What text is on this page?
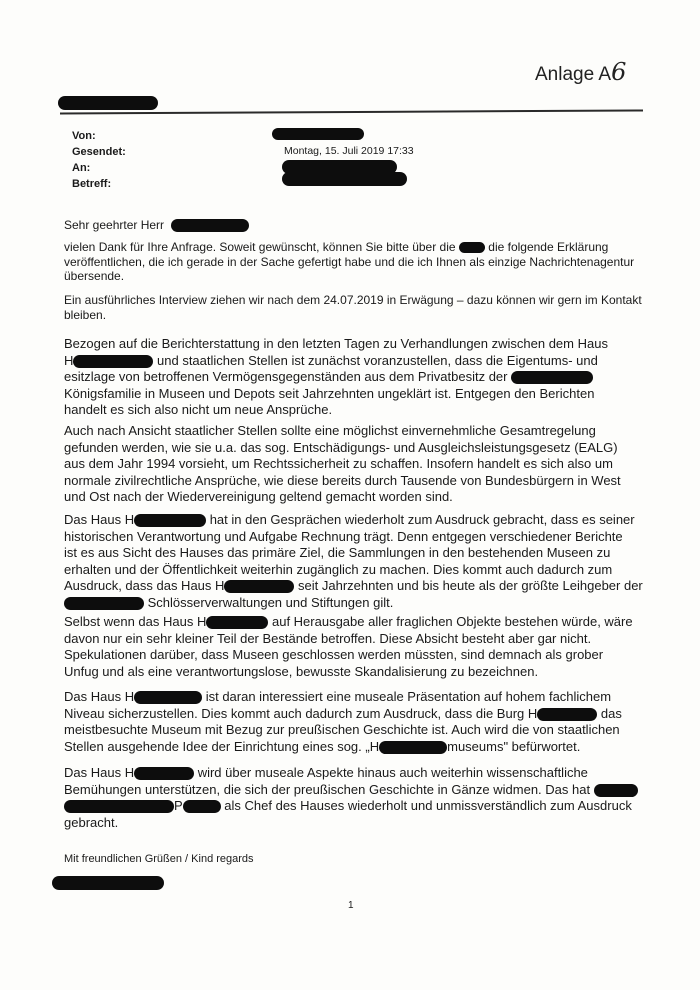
Anlage A6
Von:
Gesendet:	Montag, 15. Juli 2019 17:33
An:
Betreff:
Sehr geehrter Herr
vielen Dank für Ihre Anfrage. Soweit gewünscht, können Sie bitte über die	die folgende Erklärung
veröffentlichen, die ich gerade in der Sache gefertigt habe und die ich Ihnen als einzige Nachrichtenagentur
übersende.
Ein ausführliches Interview ziehen wir nach dem 24.07.2019 in Erwägung – dazu können wir gern im Kontakt
bleiben.
Bezogen auf die Berichterstattung in den letzten Tagen zu Verhandlungen zwischen dem Haus
H	und staatlichen Stellen ist zunächst voranzustellen, dass die Eigentums- und
esitzlage von betroffenen Vermögensgegenständen aus dem Privatbesitz der
Königsfamilie in Museen und Depots seit Jahrzehnten ungeklärt ist. Entgegen den Berichten
handelt es sich also nicht um neue Ansprüche.
Auch nach Ansicht staatlicher Stellen sollte eine möglichst einvernehmliche Gesamtregelung
gefunden werden, wie sie u.a. das sog. Entschädigungs- und Ausgleichsleistungsgesetz (EALG)
aus dem Jahr 1994 vorsieht, um Rechtssicherheit zu schaffen. Insofern handelt es sich also um
normale zivilrechtliche Ansprüche, wie diese bereits durch Tausende von Bundesbürgern in West
und Ost nach der Wiedervereinigung geltend gemacht worden sind.
Das Haus H	hat in den Gesprächen wiederholt zum Ausdruck gebracht, dass es seiner
historischen Verantwortung und Aufgabe Rechnung trägt. Denn entgegen verschiedener Berichte
ist es aus Sicht des Hauses das primäre Ziel, die Sammlungen in den bestehenden Museen zu
erhalten und der Öffentlichkeit weiterhin zugänglich zu machen. Dies kommt auch dadurch zum
Ausdruck, dass das Haus H	seit Jahrzehnten und bis heute als der größte Leihgeber der
Schlösserverwaltungen und Stiftungen gilt.
Selbst wenn das Haus H	auf Herausgabe aller fraglichen Objekte bestehen würde, wäre
davon nur ein sehr kleiner Teil der Bestände betroffen. Diese Absicht besteht aber gar nicht.
Spekulationen darüber, dass Museen geschlossen werden müssten, sind demnach als grober
Unfug und als eine verantwortungslose, bewusste Skandalisierung zu bezeichnen.
Das Haus H	ist daran interessiert eine museale Präsentation auf hohem fachlichem
Niveau sicherzustellen. Dies kommt auch dadurch zum Ausdruck, dass die Burg H	das
meistbesuchte Museum mit Bezug zur preußischen Geschichte ist. Auch wird die von staatlichen
Stellen ausgehende Idee der Einrichtung eines sog. „H	museums" befürwortet.
Das Haus H	wird über museale Aspekte hinaus auch weiterhin wissenschaftliche
Bemühungen unterstützen, die sich der preußischen Geschichte in Gänze widmen. Das hat
P	als Chef des Hauses wiederholt und unmissverständlich zum Ausdruck
gebracht.
Mit freundlichen Grüßen / Kind regards
1
